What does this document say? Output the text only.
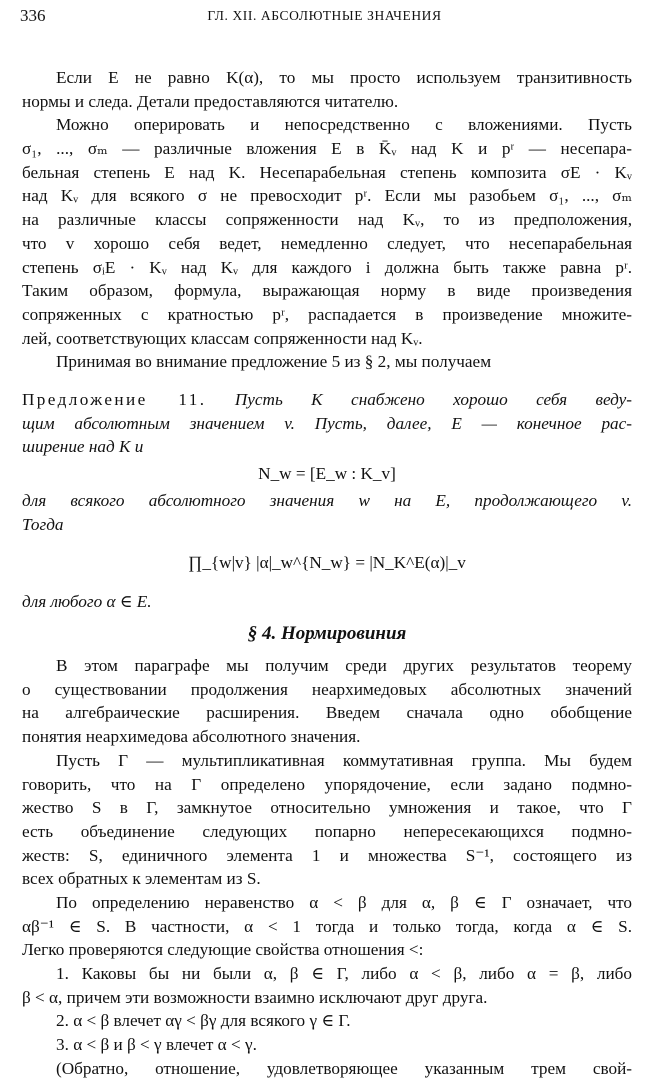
336	ГЛ. XII. АБСОЛЮТНЫЕ ЗНАЧЕНИЯ
Если E не равно K(α), то мы просто используем транзитивность
нормы и следа. Детали предоставляются читателю.
Можно оперировать и непосредственно с вложениями. Пусть
σ₁, ..., σₘ — различные вложения E в K̄ᵥ над K и pʳ — несепара-
бельная степень E над K. Несепарабельная степень композита σE · Kᵥ
над Kᵥ для всякого σ не превосходит pʳ. Если мы разобьем σ₁, ..., σₘ
на различные классы сопряженности над Kᵥ, то из предположения,
что v хорошо себя ведет, немедленно следует, что несепарабельная
степень σᵢE · Kᵥ над Kᵥ для каждого i должна быть также равна pʳ.
Таким образом, формула, выражающая норму в виде произведения
сопряженных с кратностью pʳ, распадается в произведение множите-
лей, соответствующих классам сопряженности над Kᵥ.
Принимая во внимание предложение 5 из § 2, мы получаем
Предложение 11. Пусть K снабжено хорошо себя веду-
щим абсолютным значением v. Пусть, далее, E — конечное рас-
ширение над K и
N_w = [E_w : K_v]
для всякого абсолютного значения w на E, продолжающего v.
Тогда
∏_{w|v} |α|_w^{N_w} = |N_K^E(α)|_v
для любого α ∈ E.
§ 4. Нормировиния
В этом параграфе мы получим среди других результатов теорему
о существовании продолжения неархимедовых абсолютных значений
на алгебраические расширения. Введем сначала одно обобщение
понятия неархимедова абсолютного значения.
Пусть Γ — мультипликативная коммутативная группа. Мы будем
говорить, что на Γ определено упорядочение, если задано подмно-
жество S в Γ, замкнутое относительно умножения и такое, что Γ
есть объединение следующих попарно непересекающихся подмно-
жеств: S, единичного элемента 1 и множества S⁻¹, состоящего из
всех обратных к элементам из S.
По определению неравенство α < β для α, β ∈ Γ означает, что
αβ⁻¹ ∈ S. В частности, α < 1 тогда и только тогда, когда α ∈ S.
Легко проверяются следующие свойства отношения <:
1. Каковы бы ни были α, β ∈ Γ, либо α < β, либо α = β, либо
β < α, причем эти возможности взаимно исключают друг друга.
2. α < β влечет αγ < βγ для всякого γ ∈ Γ.
3. α < β и β < γ влечет α < γ.
(Обратно, отношение, удовлетворяющее указанным трем свой-
